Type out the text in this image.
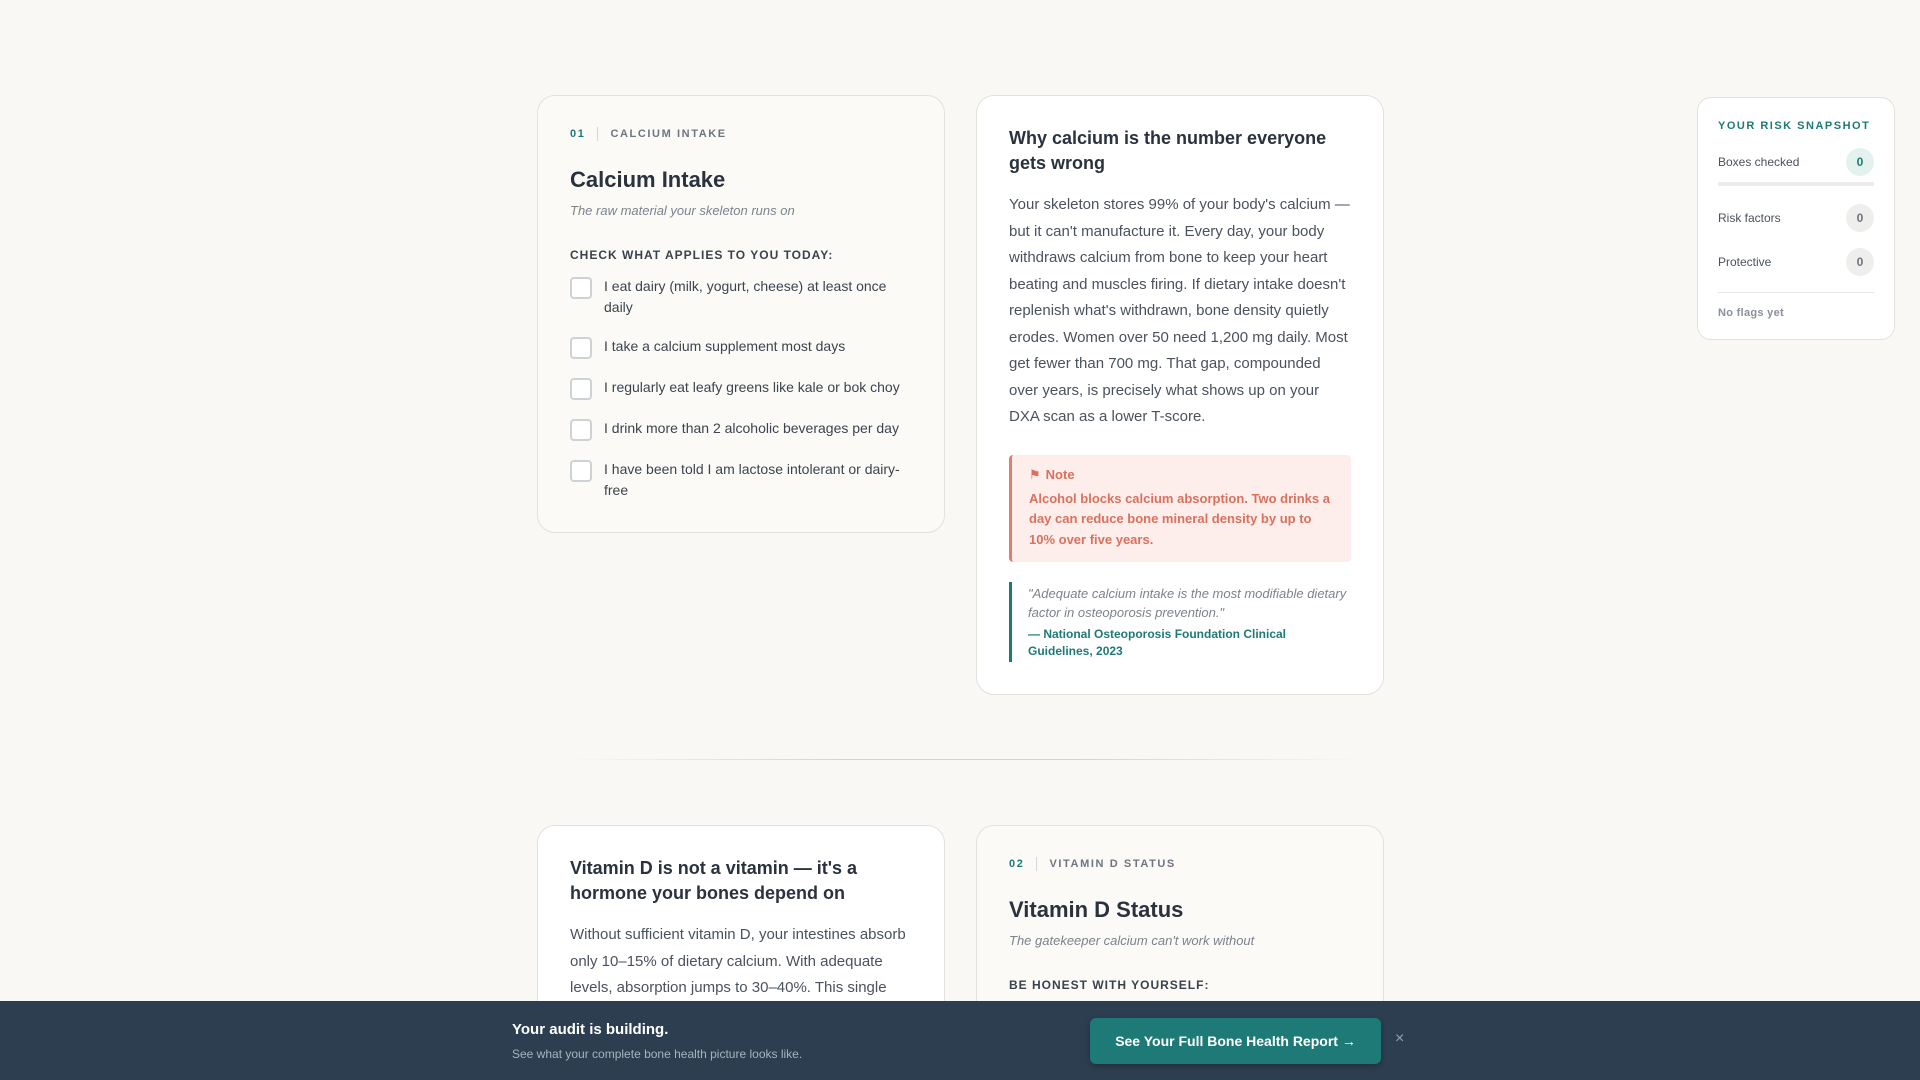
01 CALCIUM INTAKE
Calcium Intake

The raw material your skeleton runs on

CHECK WHAT APPLIES TO YOU TODAY:
I eat dairy (milk, yogurt, cheese) at least once daily
I take a calcium supplement most days
I regularly eat leafy greens like kale or bok choy
I drink more than 2 alcoholic beverages per day
I have been told I am lactose intolerant or dairy-free
Why calcium is the number everyone gets wrong

Your skeleton stores 99% of your body's calcium — but it can't manufacture it. Every day, your body withdraws calcium from bone to keep your heart beating and muscles firing. If dietary intake doesn't replenish what's withdrawn, bone density quietly erodes. Women over 50 need 1,200 mg daily. Most get fewer than 700 mg. That gap, compounded over years, is precisely what shows up on your DXA scan as a lower T-score.

⚑ Note

Alcohol blocks calcium absorption. Two drinks a day can reduce bone mineral density by up to 10% over five years.

"Adequate calcium intake is the most modifiable dietary factor in osteoporosis prevention."

— National Osteoporosis Foundation Clinical Guidelines, 2023

Vitamin D is not a vitamin — it's a hormone your bones depend on

Without sufficient vitamin D, your intestines absorb only 10–15% of dietary calcium. With adequate levels, absorption jumps to 30–40%. This single

02 VITAMIN D STATUS
Vitamin D Status

The gatekeeper calcium can't work without

BE HONEST WITH YOURSELF:
YOUR RISK SNAPSHOT
Boxes checked	0
Risk factors	0
Protective	0
No flags yet
Your audit is building.
See what your complete bone health picture looks like.
See Your Full Bone Health Report →	×
